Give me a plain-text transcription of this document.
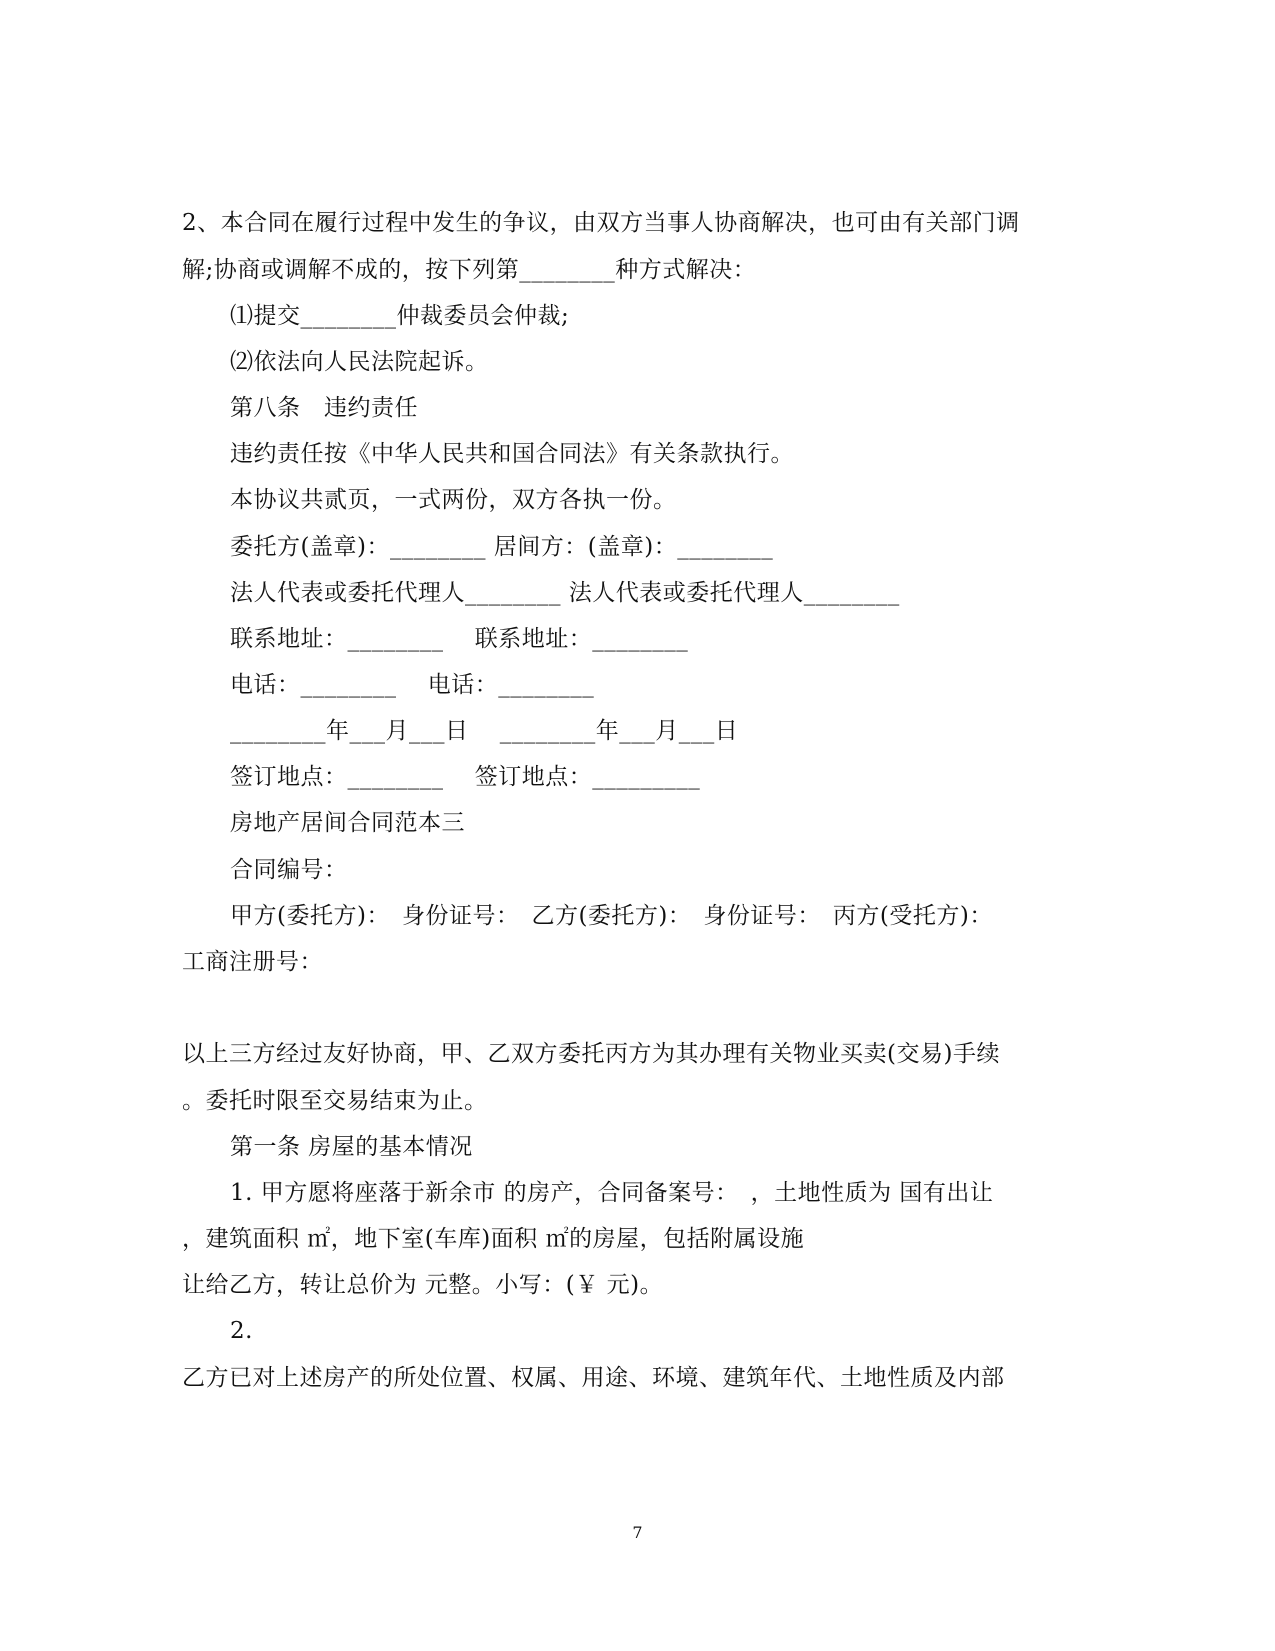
2、本合同在履行过程中发生的争议，由双方当事人协商解决，也可由有关部门调
解;协商或调解不成的，按下列第________种方式解决：
⑴提交________仲裁委员会仲裁;
⑵依法向人民法院起诉。
第八条　违约责任
违约责任按《中华人民共和国合同法》有关条款执行。
本协议共贰页，一式两份，双方各执一份。
委托方(盖章)：________ 居间方：(盖章)：________
法人代表或委托代理人________ 法人代表或委托代理人________
联系地址：________　 联系地址：________
电话：________　 电话：________
________年___月___日　 ________年___月___日
签订地点：________　 签订地点：_________
房地产居间合同范本三
合同编号：
甲方(委托方)：　身份证号：　乙方(委托方)：　身份证号：　丙方(受托方)：
工商注册号：
以上三方经过友好协商，甲、乙双方委托丙方为其办理有关物业买卖(交易)手续
。委托时限至交易结束为止。
第一条 房屋的基本情况
1. 甲方愿将座落于新余市 的房产，合同备案号：　，土地性质为 国有出让
，建筑面积 ㎡，地下室(车库)面积 ㎡的房屋，包括附属设施
让给乙方，转让总价为 元整。小写：(￥ 元)。
2.
乙方已对上述房产的所处位置、权属、用途、环境、建筑年代、土地性质及内部
7
